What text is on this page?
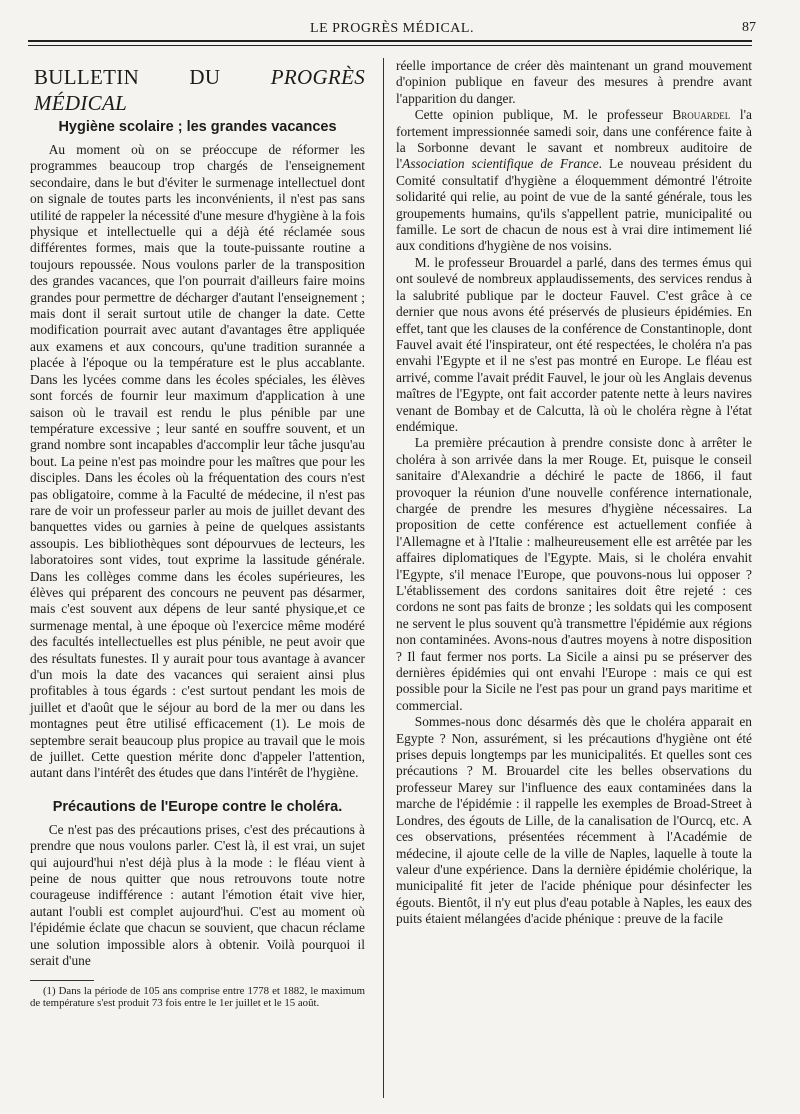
LE PROGRÈS MÉDICAL.	87
BULLETIN DU PROGRÈS MÉDICAL
Hygiène scolaire ; les grandes vacances

Au moment où on se préoccupe de réformer les programmes beaucoup trop chargés de l'enseignement secondaire, dans le but d'éviter le surmenage intellectuel dont on signale de toutes parts les inconvénients, il n'est pas sans utilité de rappeler la nécessité d'une mesure d'hygiène à la fois physique et intellectuelle qui a déjà été réclamée sous différentes formes, mais que la toute-puissante routine a toujours repoussée. Nous voulons parler de la transposition des grandes vacances, que l'on pourrait d'ailleurs faire moins grandes pour permettre de décharger d'autant l'enseignement ; mais dont il serait surtout utile de changer la date. Cette modification pourrait avec autant d'avantages être appliquée aux examens et aux concours, qu'une tradition surannée a placée à l'époque ou la température est le plus accablante. Dans les lycées comme dans les écoles spéciales, les élèves sont forcés de fournir leur maximum d'application à une saison où le travail est rendu le plus pénible par une température excessive ; leur santé en souffre souvent, et un grand nombre sont incapables d'accomplir leur tâche jusqu'au bout. La peine n'est pas moindre pour les maîtres que pour les disciples. Dans les écoles où la fréquentation des cours n'est pas obligatoire, comme à la Faculté de médecine, il n'est pas rare de voir un professeur parler au mois de juillet devant des banquettes vides ou garnies à peine de quelques assistants assoupis. Les bibliothèques sont dépourvues de lecteurs, les laboratoires sont vides, tout exprime la lassitude générale. Dans les collèges comme dans les écoles supérieures, les élèves qui préparent des concours ne peuvent pas désarmer, mais c'est souvent aux dépens de leur santé physique,et ce surmenage mental, à une époque où l'exercice même modéré des facultés intellectuelles est plus pénible, ne peut avoir que des résultats funestes. Il y aurait pour tous avantage à avancer d'un mois la date des vacances qui seraient ainsi plus profitables à tous égards : c'est surtout pendant les mois de juillet et d'août que le séjour au bord de la mer ou dans les montagnes peut être utilisé efficacement (1). Le mois de septembre serait beaucoup plus propice au travail que le mois de juillet. Cette question mérite donc d'appeler l'attention, autant dans l'intérêt des études que dans l'intérêt de l'hygiène.

Précautions de l'Europe contre le choléra.

Ce n'est pas des précautions prises, c'est des précautions à prendre que nous voulons parler. C'est là, il est vrai, un sujet qui aujourd'hui n'est déjà plus à la mode : le fléau vient à peine de nous quitter que nous retrouvons toute notre courageuse indifférence : autant l'émotion était vive hier, autant l'oubli est complet aujourd'hui. C'est au moment où l'épidémie éclate que chacun se souvient, que chacun réclame une solution impossible alors à obtenir. Voilà pourquoi il serait d'une

(1) Dans la période de 105 ans comprise entre 1778 et 1882, le maximum de température s'est produit 73 fois entre le 1er juillet et le 15 août.

réelle importance de créer dès maintenant un grand mouvement d'opinion publique en faveur des mesures à prendre avant l'apparition du danger.

Cette opinion publique, M. le professeur Brouardel l'a fortement impressionnée samedi soir, dans une conférence faite à la Sorbonne devant le savant et nombreux auditoire de l'Association scientifique de France. Le nouveau président du Comité consultatif d'hygiène a éloquemment démontré l'étroite solidarité qui relie, au point de vue de la santé générale, tous les groupements humains, qu'ils s'appellent patrie, municipalité ou famille. Le sort de chacun de nous est à vrai dire intimement lié aux conditions d'hygiène de nos voisins.

M. le professeur Brouardel a parlé, dans des termes émus qui ont soulevé de nombreux applaudissements, des services rendus à la salubrité publique par le docteur Fauvel. C'est grâce à ce dernier que nous avons été préservés de plusieurs épidémies. En effet, tant que les clauses de la conférence de Constantinople, dont Fauvel avait été l'inspirateur, ont été respectées, le choléra n'a pas envahi l'Egypte et il ne s'est pas montré en Europe. Le fléau est arrivé, comme l'avait prédit Fauvel, le jour où les Anglais devenus maîtres de l'Egypte, ont fait accorder patente nette à leurs navires venant de Bombay et de Calcutta, là où le choléra règne à l'état endémique.

La première précaution à prendre consiste donc à arrêter le choléra à son arrivée dans la mer Rouge. Et, puisque le conseil sanitaire d'Alexandrie a déchiré le pacte de 1866, il faut provoquer la réunion d'une nouvelle conférence internationale, chargée de prendre les mesures d'hygiène nécessaires. La proposition de cette conférence est actuellement confiée à l'Allemagne et à l'Italie : malheureusement elle est arrêtée par les affaires diplomatiques de l'Egypte. Mais, si le choléra envahit l'Egypte, s'il menace l'Europe, que pouvons-nous lui opposer ? L'établissement des cordons sanitaires doit être rejeté : ces cordons ne sont pas faits de bronze ; les soldats qui les composent ne servent le plus souvent qu'à transmettre l'épidémie aux régions non contaminées. Avons-nous d'autres moyens à notre disposition ? Il faut fermer nos ports. La Sicile a ainsi pu se préserver des dernières épidémies qui ont envahi l'Europe : mais ce qui est possible pour la Sicile ne l'est pas pour un grand pays maritime et commercial.

Sommes-nous donc désarmés dès que le choléra apparait en Egypte ? Non, assurément, si les précautions d'hygiène ont été prises depuis longtemps par les municipalités. Et quelles sont ces précautions ? M. Brouardel cite les belles observations du professeur Marey sur l'influence des eaux contaminées dans la marche de l'épidémie : il rappelle les exemples de Broad-Street à Londres, des égouts de Lille, de la canalisation de l'Ourcq, etc. A ces observations, présentées récemment à l'Académie de médecine, il ajoute celle de la ville de Naples, laquelle à toute la valeur d'une expérience. Dans la dernière épidémie cholérique, la municipalité fit jeter de l'acide phénique pour désinfecter les égouts. Bientôt, il n'y eut plus d'eau potable à Naples, les eaux des puits étaient mélangées d'acide phénique : preuve de la facile
